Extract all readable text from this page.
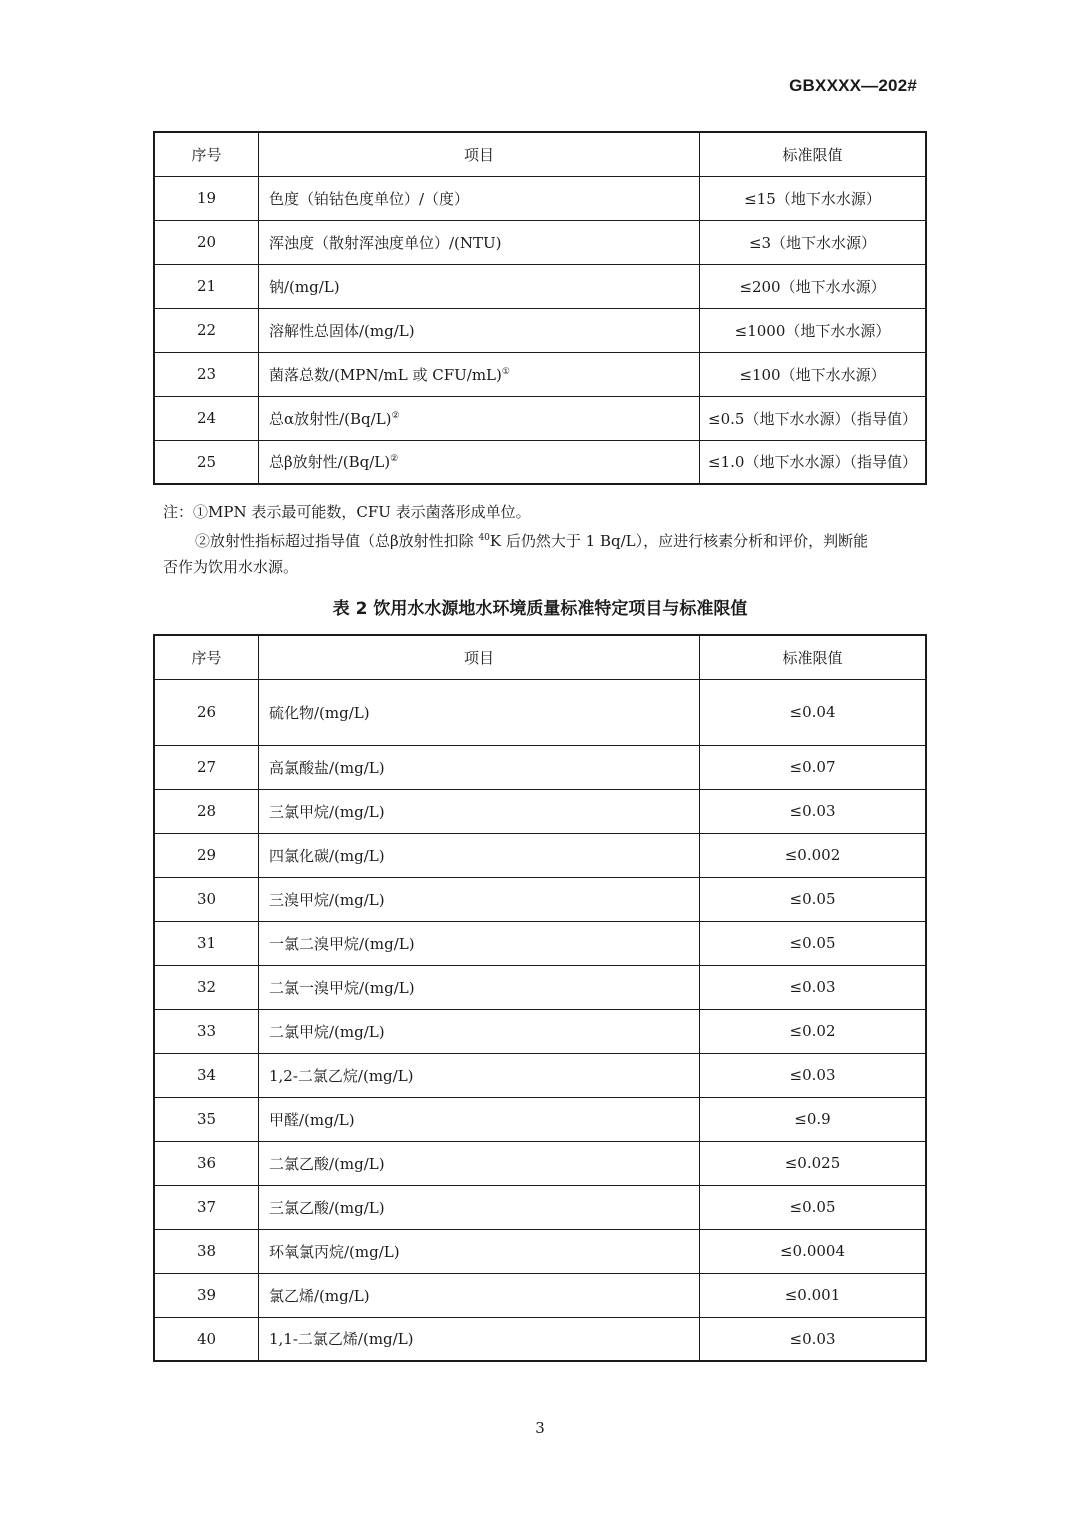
GBXXXX—202#
序号	项目	标准限值
19	色度（铂钴色度单位）/（度）	≤15（地下水水源）
20	浑浊度（散射浑浊度单位）/(NTU)	≤3（地下水水源）
21	钠/(mg/L)	≤200（地下水水源）
22	溶解性总固体/(mg/L)	≤1000（地下水水源）
23	菌落总数/(MPN/mL 或 CFU/mL)①	≤100（地下水水源）
24	总α放射性/(Bq/L)②	≤0.5（地下水水源）（指导值）
25	总β放射性/(Bq/L)②	≤1.0（地下水水源）（指导值）
注：①MPN 表示最可能数，CFU 表示菌落形成单位。
②放射性指标超过指导值（总β放射性扣除 $^{40}$K 后仍然大于 1 Bq/L），应进行核素分析和评价，判断能
否作为饮用水水源。
表 2 饮用水水源地水环境质量标准特定项目与标准限值
序号	项目	标准限值
26	硫化物/(mg/L)	≤0.04
27	高氯酸盐/(mg/L)	≤0.07
28	三氯甲烷/(mg/L)	≤0.03
29	四氯化碳/(mg/L)	≤0.002
30	三溴甲烷/(mg/L)	≤0.05
31	一氯二溴甲烷/(mg/L)	≤0.05
32	二氯一溴甲烷/(mg/L)	≤0.03
33	二氯甲烷/(mg/L)	≤0.02
34	1,2-二氯乙烷/(mg/L)	≤0.03
35	甲醛/(mg/L)	≤0.9
36	二氯乙酸/(mg/L)	≤0.025
37	三氯乙酸/(mg/L)	≤0.05
38	环氧氯丙烷/(mg/L)	≤0.0004
39	氯乙烯/(mg/L)	≤0.001
40	1,1-二氯乙烯/(mg/L)	≤0.03
3
